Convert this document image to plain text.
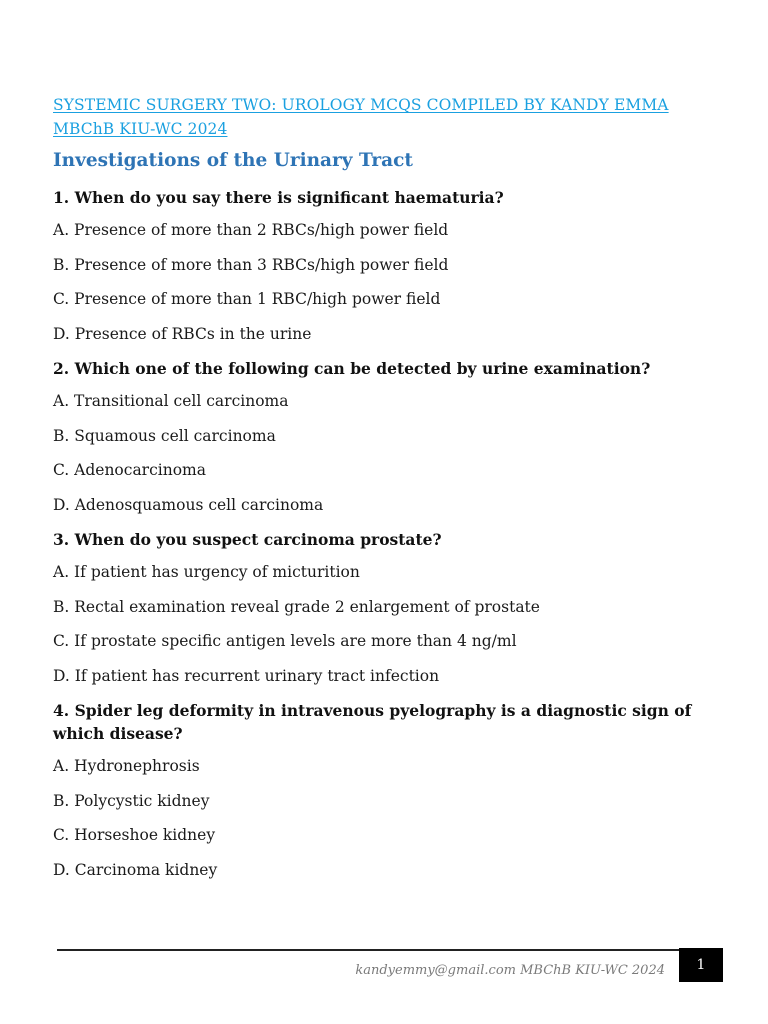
SYSTEMIC SURGERY TWO: UROLOGY MCQS COMPILED BY KANDY EMMA
MBChB KIU-WC 2024
Investigations of the Urinary Tract

1. When do you say there is significant haematuria?

A. Presence of more than 2 RBCs/high power field

B. Presence of more than 3 RBCs/high power field

C. Presence of more than 1 RBC/high power field

D. Presence of RBCs in the urine

2. Which one of the following can be detected by urine examination?

A. Transitional cell carcinoma

B. Squamous cell carcinoma

C. Adenocarcinoma

D. Adenosquamous cell carcinoma

3. When do you suspect carcinoma prostate?

A. If patient has urgency of micturition

B. Rectal examination reveal grade 2 enlargement of prostate

C. If prostate specific antigen levels are more than 4 ng/ml

D. If patient has recurrent urinary tract infection

4. Spider leg deformity in intravenous pyelography is a diagnostic sign of
which disease?

A. Hydronephrosis

B. Polycystic kidney

C. Horseshoe kidney

D. Carcinoma kidney

kandyemmy@gmail.com MBChB KIU-WC 2024	1
